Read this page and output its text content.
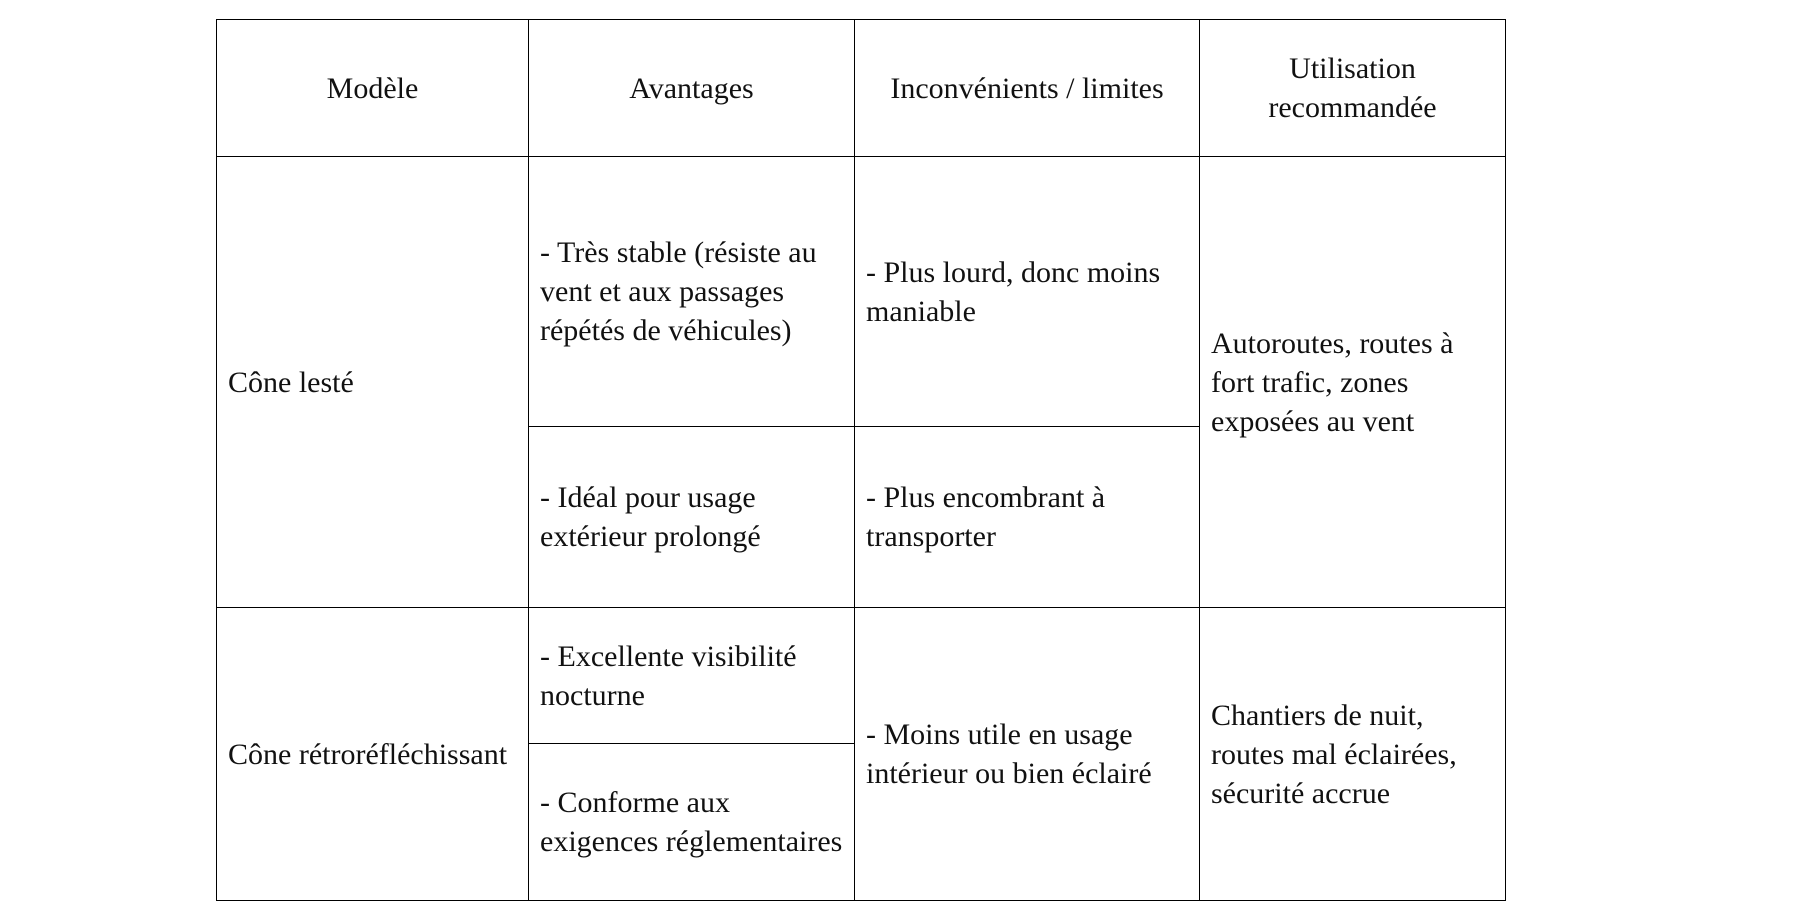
Modèle	Avantages	Inconvénients / limites	Utilisation recommandée
Cône lesté	- Très stable (résiste au vent et aux passages répétés de véhicules)	- Plus lourd, donc moins maniable	Autoroutes, routes à fort trafic, zones exposées au vent
	- Idéal pour usage extérieur prolongé	- Plus encombrant à transporter	
Cône rétroréfléchissant	- Excellente visibilité nocturne	- Moins utile en usage intérieur ou bien éclairé	Chantiers de nuit, routes mal éclairées, sécurité accrue
	- Conforme aux exigences réglementaires		
